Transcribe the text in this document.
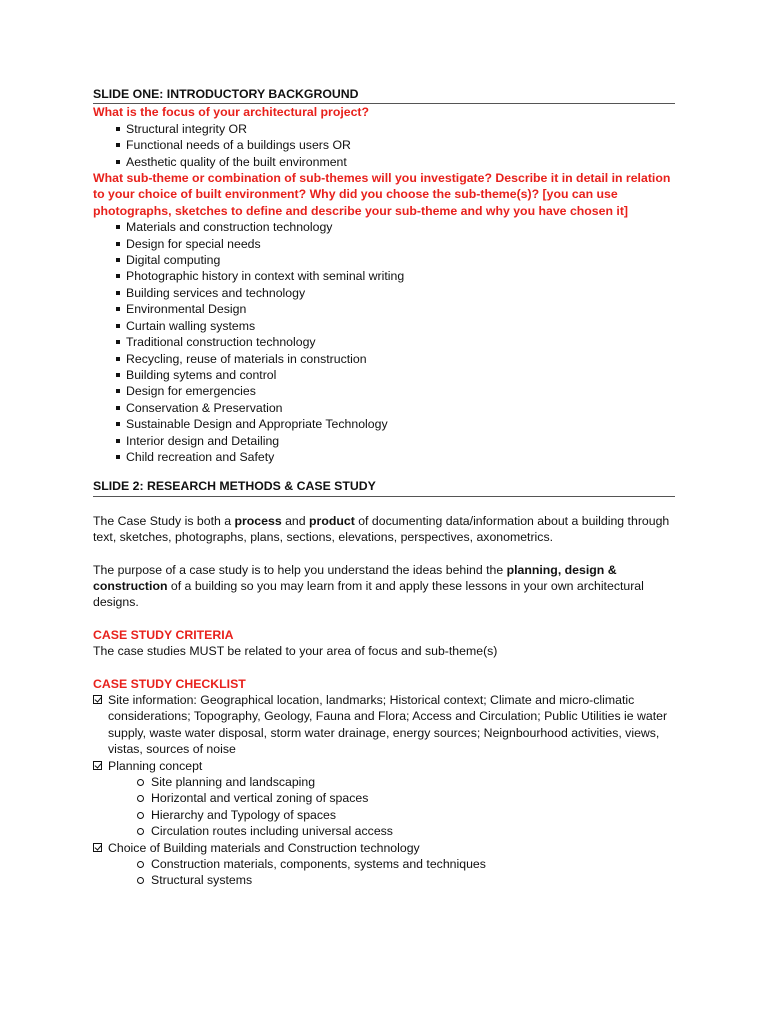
SLIDE ONE: INTRODUCTORY BACKGROUND

What is the focus of your architectural project?

Structural integrity OR
Functional needs of a buildings users OR
Aesthetic quality of the built environment

What sub-theme or combination of sub-themes will you investigate? Describe it in detail in relation to your choice of built environment? Why did you choose the sub-theme(s)? [you can use photographs, sketches to define and describe your sub-theme and why you have chosen it]

Materials and construction technology
Design for special needs
Digital computing
Photographic history in context with seminal writing
Building services and technology
Environmental Design
Curtain walling systems
Traditional construction technology
Recycling, reuse of materials in construction
Building sytems and control
Design for emergencies
Conservation & Preservation
Sustainable Design and Appropriate Technology
Interior design and Detailing
Child recreation and Safety
SLIDE 2: RESEARCH METHODS & CASE STUDY

The Case Study is both a process and product of documenting data/information about a building through text, sketches, photographs, plans, sections, elevations, perspectives, axonometrics.

The purpose of a case study is to help you understand the ideas behind the planning, design & construction of a building so you may learn from it and apply these lessons in your own architectural designs.

CASE STUDY CRITERIA

The case studies MUST be related to your area of focus and sub-theme(s)

CASE STUDY CHECKLIST

Site information: Geographical location, landmarks; Historical context; Climate and micro-climatic considerations; Topography, Geology, Fauna and Flora; Access and Circulation; Public Utilities ie water supply, waste water disposal, storm water drainage, energy sources; Neignbourhood activities, views, vistas, sources of noise
Planning concept
Site planning and landscaping
Horizontal and vertical zoning of spaces
Hierarchy and Typology of spaces
Circulation routes including universal access
Choice of Building materials and Construction technology
Construction materials, components, systems and techniques
Structural systems
